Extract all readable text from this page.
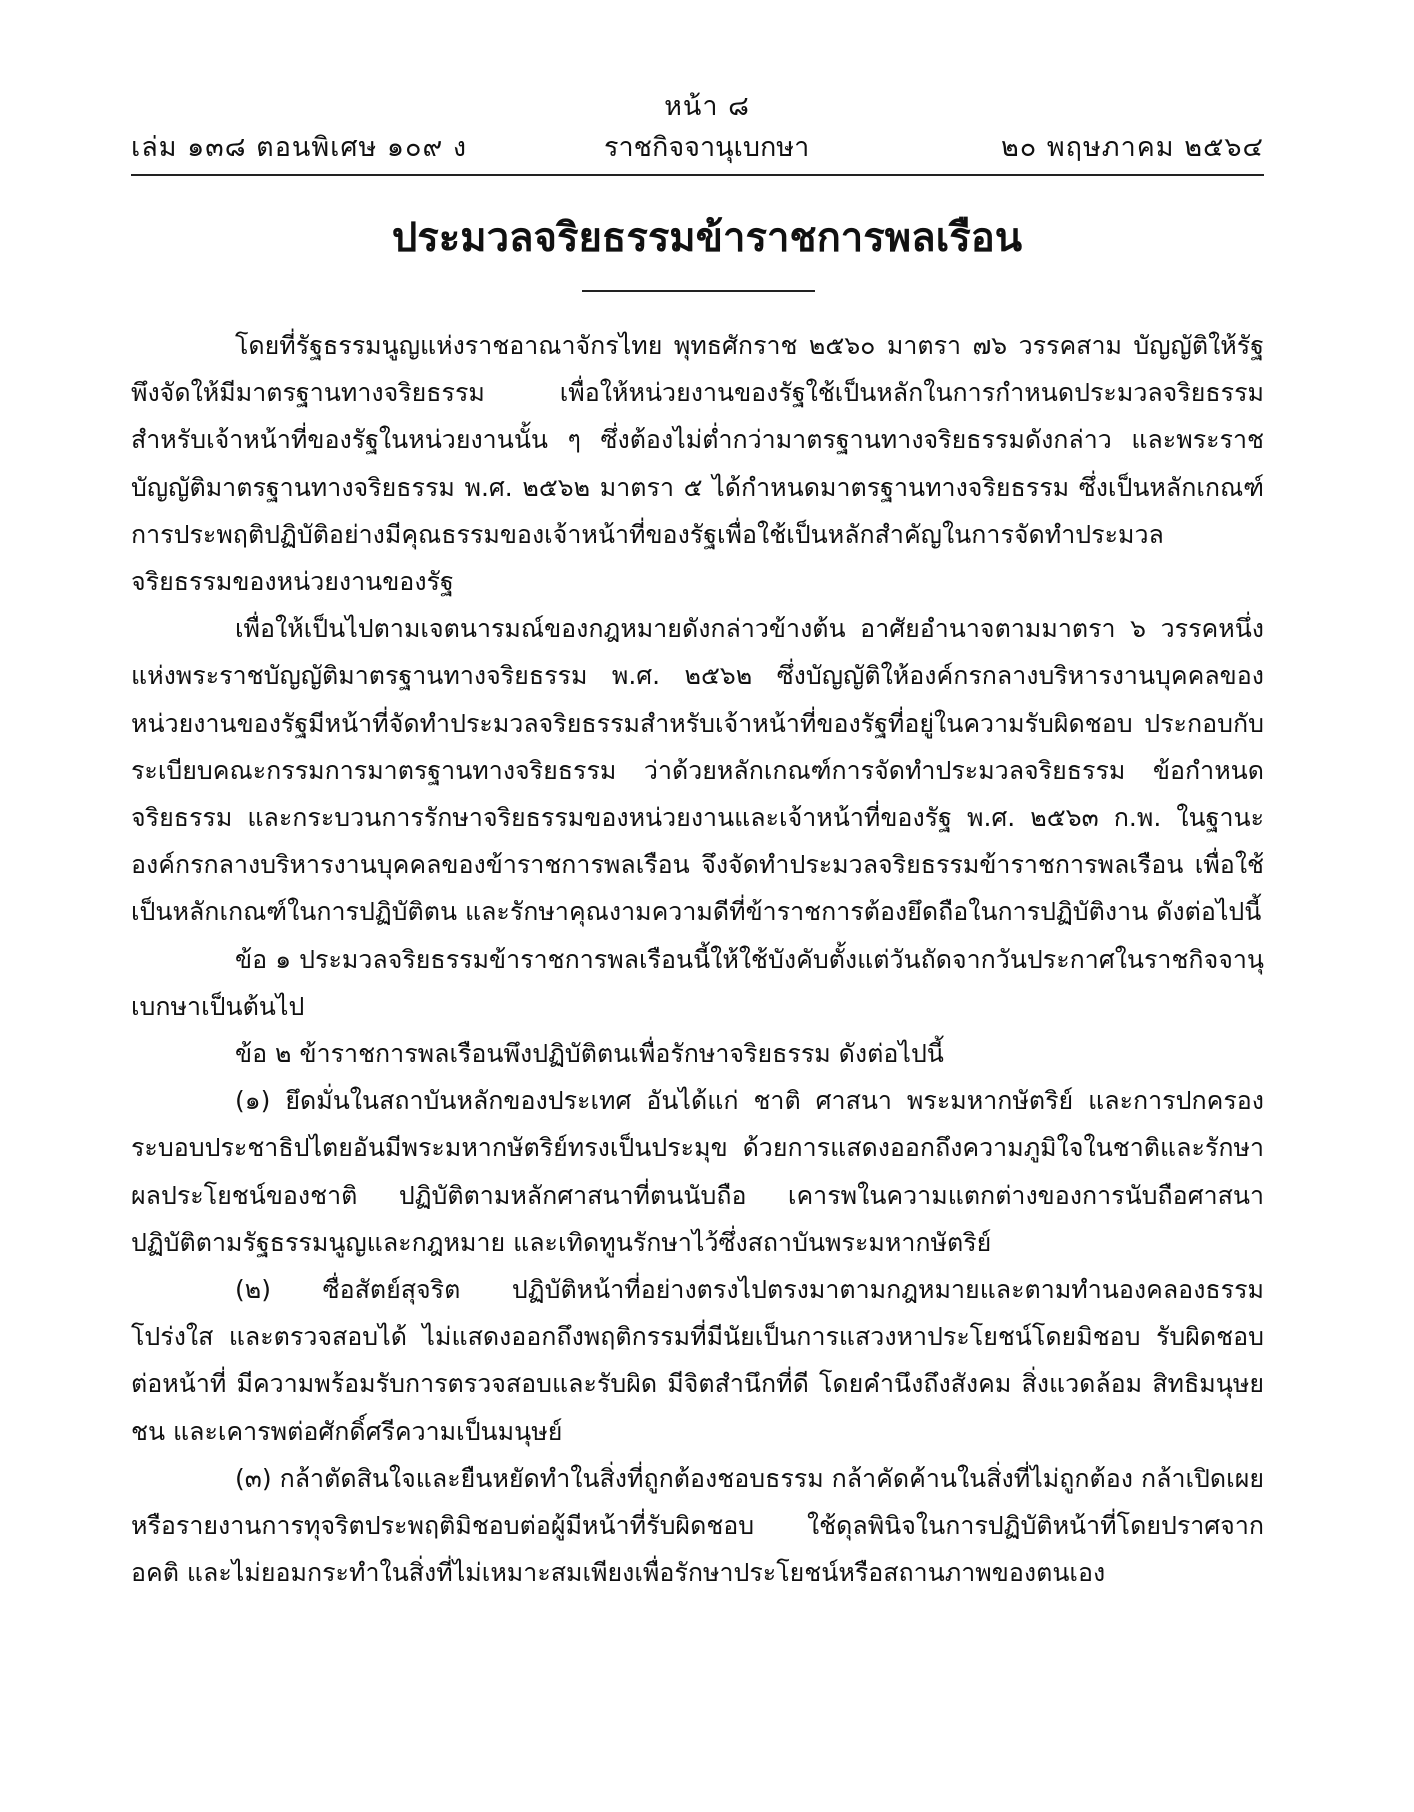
หน้า ๘
เล่ม ๑๓๘ ตอนพิเศษ ๑๐๙ ง	ราชกิจจานุเบกษา	๒๐ พฤษภาคม ๒๕๖๔
ประมวลจริยธรรมข้าราชการพลเรือน

โดยที่รัฐธรรมนูญแห่งราชอาณาจักรไทย พุทธศักราช ๒๕๖๐ มาตรา ๗๖ วรรคสาม บัญญัติให้รัฐพึงจัดให้มีมาตรฐานทางจริยธรรม เพื่อให้หน่วยงานของรัฐใช้เป็นหลักในการกำหนดประมวลจริยธรรมสำหรับเจ้าหน้าที่ของรัฐในหน่วยงานนั้น ๆ ซึ่งต้องไม่ต่ำกว่ามาตรฐานทางจริยธรรมดังกล่าว และพระราชบัญญัติมาตรฐานทางจริยธรรม พ.ศ. ๒๕๖๒ มาตรา ๕ ได้กำหนดมาตรฐานทางจริยธรรม ซึ่งเป็นหลักเกณฑ์การประพฤติปฏิบัติอย่างมีคุณธรรมของเจ้าหน้าที่ของรัฐเพื่อใช้เป็นหลักสำคัญในการจัดทำประมวลจริยธรรมของหน่วยงานของรัฐ

เพื่อให้เป็นไปตามเจตนารมณ์ของกฎหมายดังกล่าวข้างต้น อาศัยอำนาจตามมาตรา ๖ วรรคหนึ่ง แห่งพระราชบัญญัติมาตรฐานทางจริยธรรม พ.ศ. ๒๕๖๒ ซึ่งบัญญัติให้องค์กรกลางบริหารงานบุคคลของหน่วยงานของรัฐมีหน้าที่จัดทำประมวลจริยธรรมสำหรับเจ้าหน้าที่ของรัฐที่อยู่ในความรับผิดชอบ ประกอบกับระเบียบคณะกรรมการมาตรฐานทางจริยธรรม ว่าด้วยหลักเกณฑ์การจัดทำประมวลจริยธรรม ข้อกำหนดจริยธรรม และกระบวนการรักษาจริยธรรมของหน่วยงานและเจ้าหน้าที่ของรัฐ พ.ศ. ๒๕๖๓ ก.พ. ในฐานะองค์กรกลางบริหารงานบุคคลของข้าราชการพลเรือน จึงจัดทำประมวลจริยธรรมข้าราชการพลเรือน เพื่อใช้เป็นหลักเกณฑ์ในการปฏิบัติตน และรักษาคุณงามความดีที่ข้าราชการต้องยึดถือในการปฏิบัติงาน ดังต่อไปนี้

ข้อ ๑ ประมวลจริยธรรมข้าราชการพลเรือนนี้ให้ใช้บังคับตั้งแต่วันถัดจากวันประกาศในราชกิจจานุเบกษาเป็นต้นไป

ข้อ ๒ ข้าราชการพลเรือนพึงปฏิบัติตนเพื่อรักษาจริยธรรม ดังต่อไปนี้

(๑) ยึดมั่นในสถาบันหลักของประเทศ อันได้แก่ ชาติ ศาสนา พระมหากษัตริย์ และการปกครองระบอบประชาธิปไตยอันมีพระมหากษัตริย์ทรงเป็นประมุข ด้วยการแสดงออกถึงความภูมิใจในชาติและรักษาผลประโยชน์ของชาติ ปฏิบัติตามหลักศาสนาที่ตนนับถือ เคารพในความแตกต่างของการนับถือศาสนา ปฏิบัติตามรัฐธรรมนูญและกฎหมาย และเทิดทูนรักษาไว้ซึ่งสถาบันพระมหากษัตริย์

(๒) ซื่อสัตย์สุจริต ปฏิบัติหน้าที่อย่างตรงไปตรงมาตามกฎหมายและตามทำนองคลองธรรม โปร่งใส และตรวจสอบได้ ไม่แสดงออกถึงพฤติกรรมที่มีนัยเป็นการแสวงหาประโยชน์โดยมิชอบ รับผิดชอบต่อหน้าที่ มีความพร้อมรับการตรวจสอบและรับผิด มีจิตสำนึกที่ดี โดยคำนึงถึงสังคม สิ่งแวดล้อม สิทธิมนุษยชน และเคารพต่อศักดิ์ศรีความเป็นมนุษย์

(๓) กล้าตัดสินใจและยืนหยัดทำในสิ่งที่ถูกต้องชอบธรรม กล้าคัดค้านในสิ่งที่ไม่ถูกต้อง กล้าเปิดเผยหรือรายงานการทุจริตประพฤติมิชอบต่อผู้มีหน้าที่รับผิดชอบ ใช้ดุลพินิจในการปฏิบัติหน้าที่โดยปราศจากอคติ และไม่ยอมกระทำในสิ่งที่ไม่เหมาะสมเพียงเพื่อรักษาประโยชน์หรือสถานภาพของตนเอง
